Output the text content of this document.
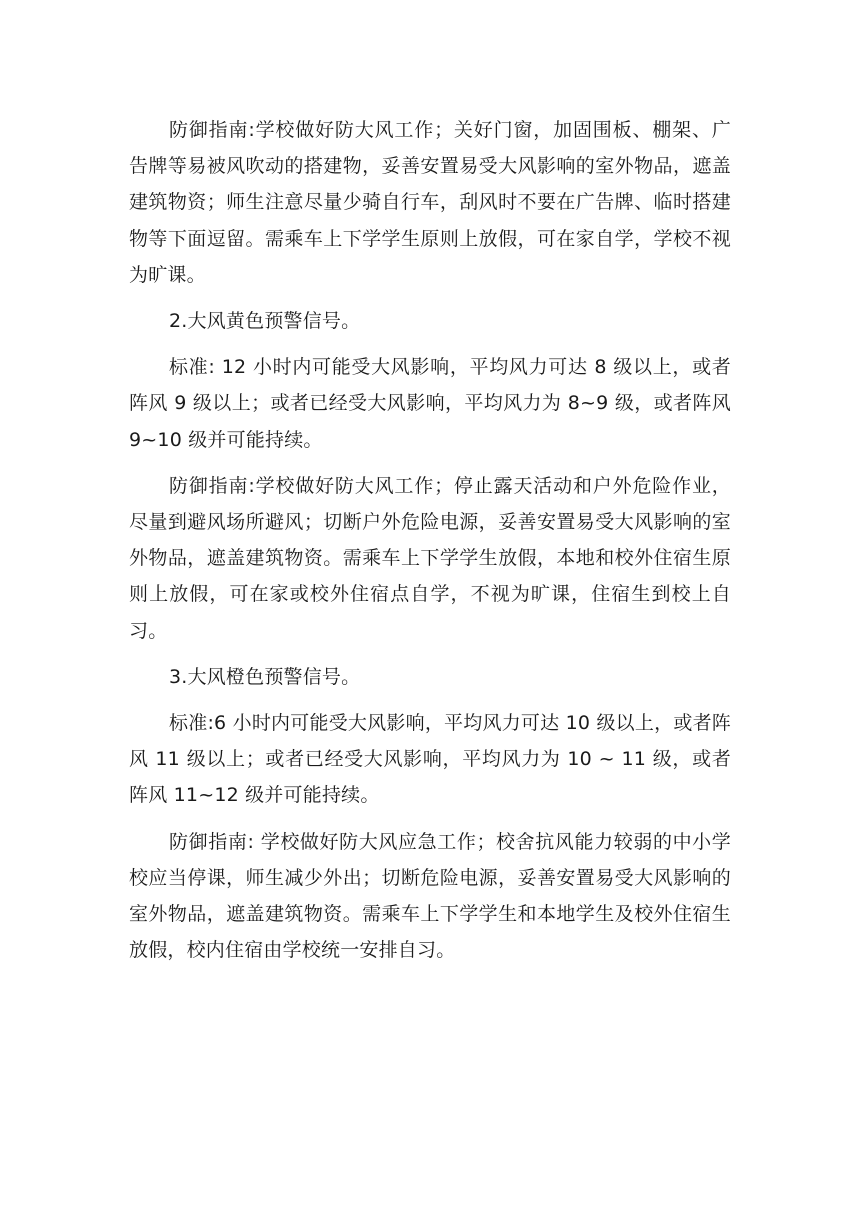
防御指南:学校做好防大风工作；关好门窗，加固围板、棚架、广告牌等易被风吹动的搭建物，妥善安置易受大风影响的室外物品，遮盖建筑物资；师生注意尽量少骑自行车，刮风时不要在广告牌、临时搭建物等下面逗留。需乘车上下学学生原则上放假，可在家自学，学校不视为旷课。

2.大风黄色预警信号。

标准: 12 小时内可能受大风影响，平均风力可达 8 级以上，或者阵风 9 级以上；或者已经受大风影响，平均风力为 8~9 级，或者阵风 9~10 级并可能持续。

防御指南:学校做好防大风工作；停止露天活动和户外危险作业，尽量到避风场所避风；切断户外危险电源，妥善安置易受大风影响的室外物品，遮盖建筑物资。需乘车上下学学生放假，本地和校外住宿生原则上放假，可在家或校外住宿点自学，不视为旷课，住宿生到校上自习。

3.大风橙色预警信号。

标准:6 小时内可能受大风影响，平均风力可达 10 级以上，或者阵风 11 级以上；或者已经受大风影响，平均风力为 10 ~ 11 级，或者阵风 11~12 级并可能持续。

防御指南: 学校做好防大风应急工作；校舍抗风能力较弱的中小学校应当停课，师生减少外出；切断危险电源，妥善安置易受大风影响的室外物品，遮盖建筑物资。需乘车上下学学生和本地学生及校外住宿生放假，校内住宿由学校统一安排自习。
